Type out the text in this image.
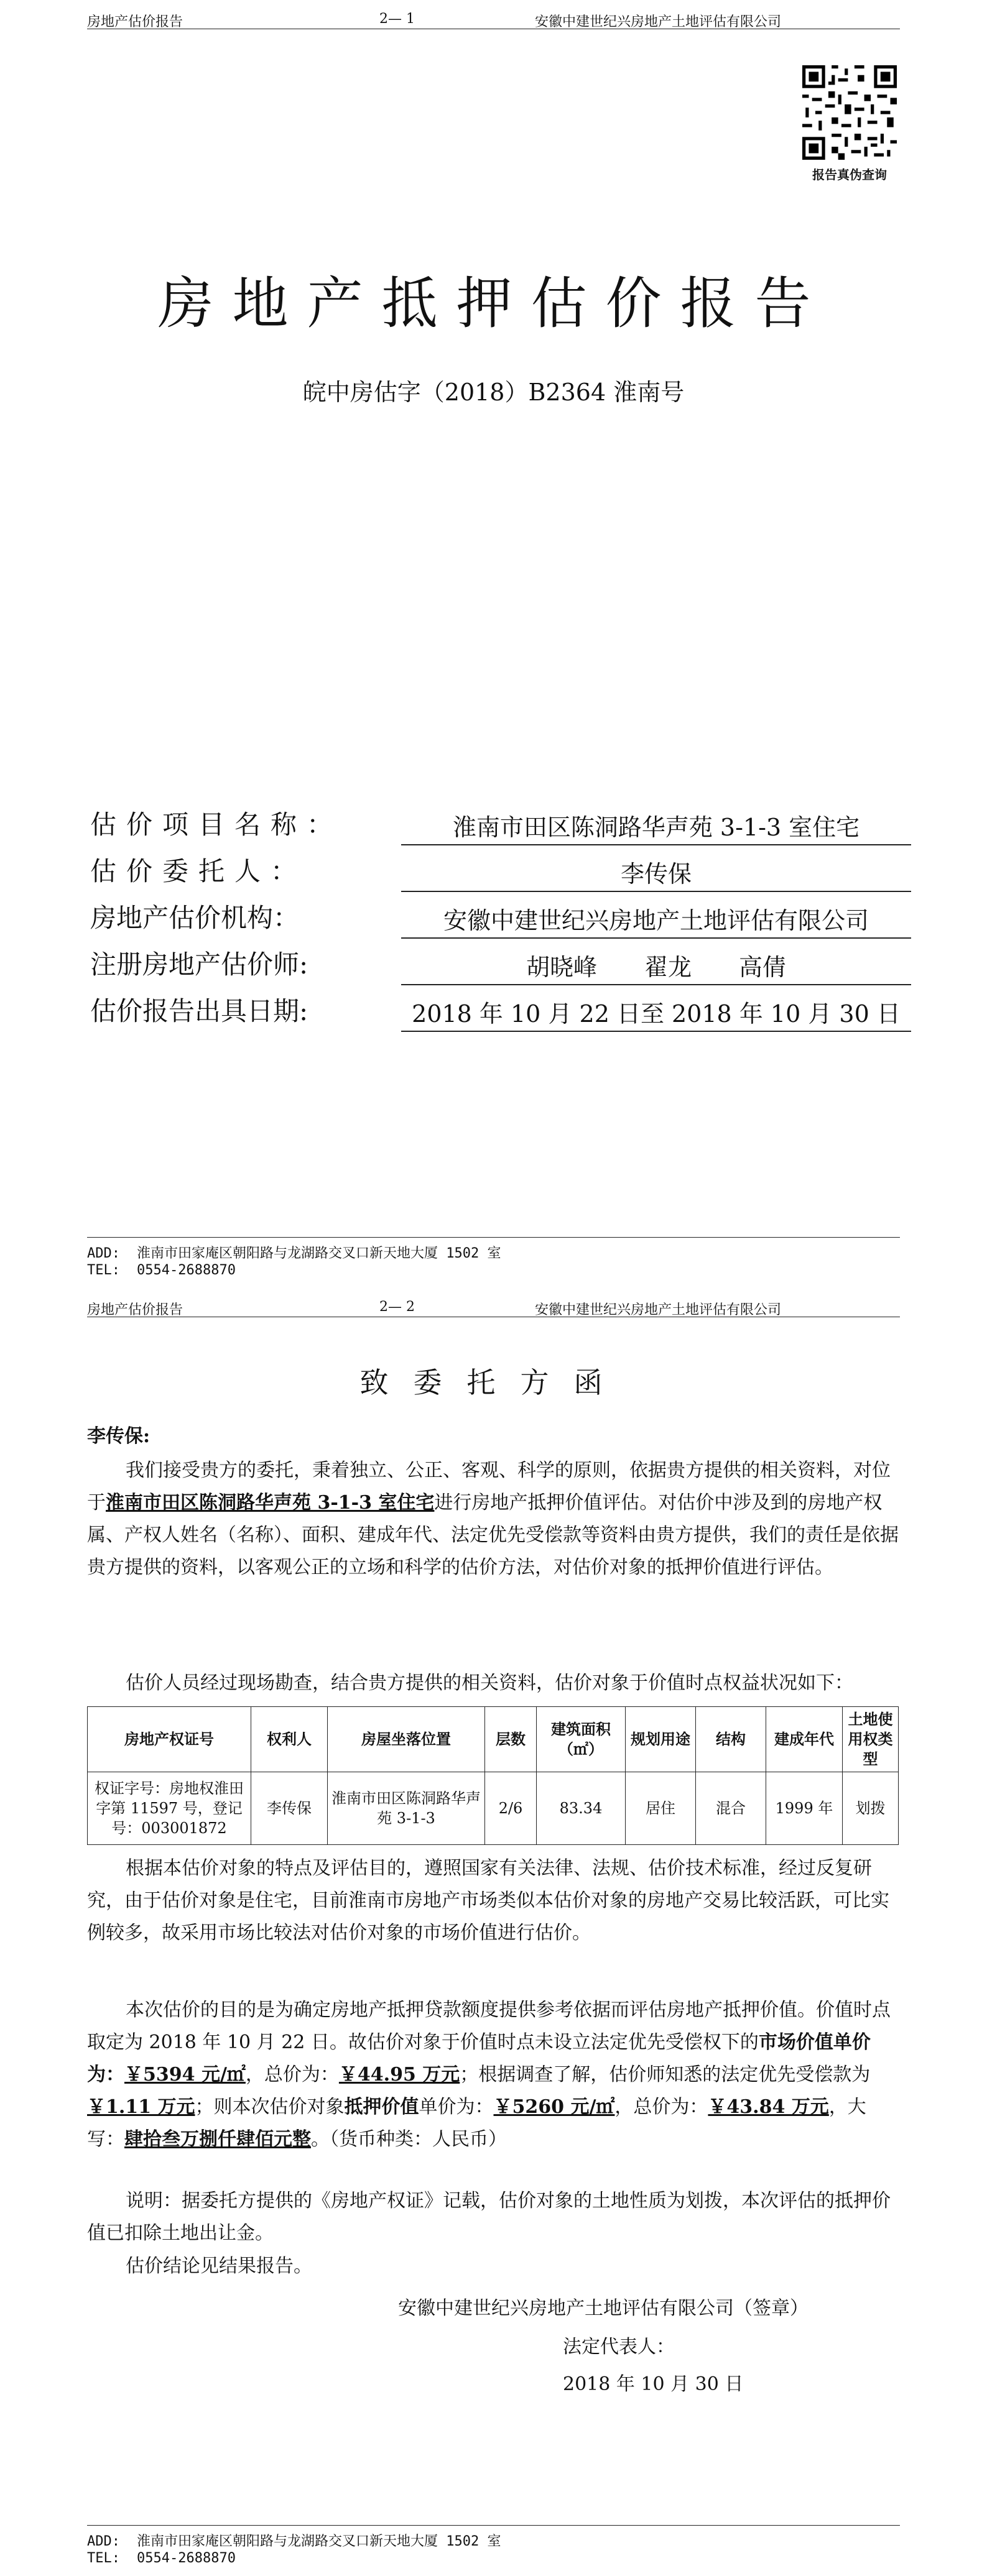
房地产估价报告	2— 1	安徽中建世纪兴房地产土地评估有限公司
报告真伪查询
房地产抵押估价报告
皖中房估字（2018）B2364 淮南号
估价项目名称：	淮南市田区陈洞路华声苑 3-1-3 室住宅
估价委托人：	李传保
房地产估价机构：	安徽中建世纪兴房地产土地评估有限公司
注册房地产估价师:	胡晓峰　　翟龙　　高倩
估价报告出具日期:	2018 年 10 月 22 日至 2018 年 10 月 30 日
ADD: 淮南市田家庵区朝阳路与龙湖路交叉口新天地大厦 1502 室
TEL: 0554-2688870
房地产估价报告	2— 2	安徽中建世纪兴房地产土地评估有限公司
致委托方函
李传保:

我们接受贵方的委托，秉着独立、公正、客观、科学的原则，依据贵方提供的相关资料，对位于淮南市田区陈洞路华声苑 3-1-3 室住宅进行房地产抵押价值评估。对估价中涉及到的房地产权属、产权人姓名（名称）、面积、建成年代、法定优先受偿款等资料由贵方提供，我们的责任是依据贵方提供的资料，以客观公正的立场和科学的估价方法，对估价对象的抵押价值进行评估。

估价人员经过现场勘查，结合贵方提供的相关资料，估价对象于价值时点权益状况如下：

房地产权证号	权利人	房屋坐落位置	层数	建筑面积（㎡）	规划用途	结构	建成年代	土地使用权类型
权证字号：房地权淮田字第 11597 号，登记号：003001872	李传保	淮南市田区陈洞路华声苑 3-1-3	2/6	83.34	居住	混合	1999 年	划拨

根据本估价对象的特点及评估目的，遵照国家有关法律、法规、估价技术标准，经过反复研究，由于估价对象是住宅，目前淮南市房地产市场类似本估价对象的房地产交易比较活跃，可比实例较多，故采用市场比较法对估价对象的市场价值进行估价。

本次估价的目的是为确定房地产抵押贷款额度提供参考依据而评估房地产抵押价值。价值时点取定为 2018 年 10 月 22 日。故估价对象于价值时点未设立法定优先受偿权下的市场价值单价为：￥5394 元/㎡，总价为：￥44.95 万元；根据调查了解，估价师知悉的法定优先受偿款为￥1.11 万元；则本次估价对象抵押价值单价为：￥5260 元/㎡，总价为：￥43.84 万元，大写：肆拾叁万捌仟肆佰元整。（货币种类：人民币）

说明：据委托方提供的《房地产权证》记载，估价对象的土地性质为划拨，本次评估的抵押价值已扣除土地出让金。

估价结论见结果报告。

安徽中建世纪兴房地产土地评估有限公司（签章）
法定代表人：
2018 年 10 月 30 日
ADD: 淮南市田家庵区朝阳路与龙湖路交叉口新天地大厦 1502 室
TEL: 0554-2688870
